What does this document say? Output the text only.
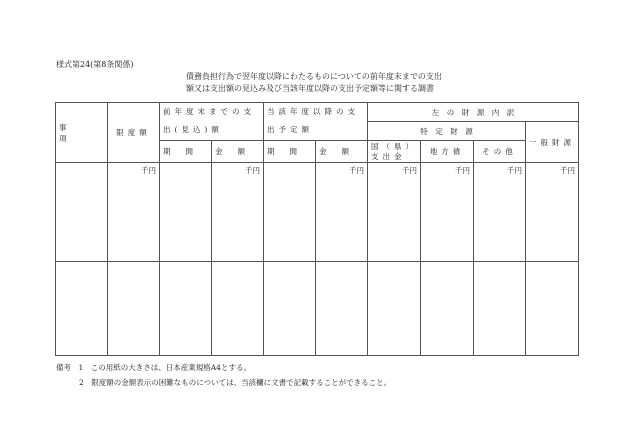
様式第24(第8条関係)
債務負担行為で翌年度以降にわたるものについての前年度末までの支出
額又は支出額の見込み及び当該年度以降の支出予定額等に関する調書
事　　　項	限度額	前年度末までの支出(見込)額		当該年度以降の支出予定額		左　の　財　源　内　訳			
						特　定　財　源			一般財源
		期　　間	金　　額	期　　間	金　　額	国（県）支出金	地方債	その他	
	千円		千円		千円	千円	千円	千円	千円

備考　 1　この用紙の大きさは、日本産業規格A4とする。
2　限度額の金額表示の困難なものについては、当該欄に文書で記載することができること。
